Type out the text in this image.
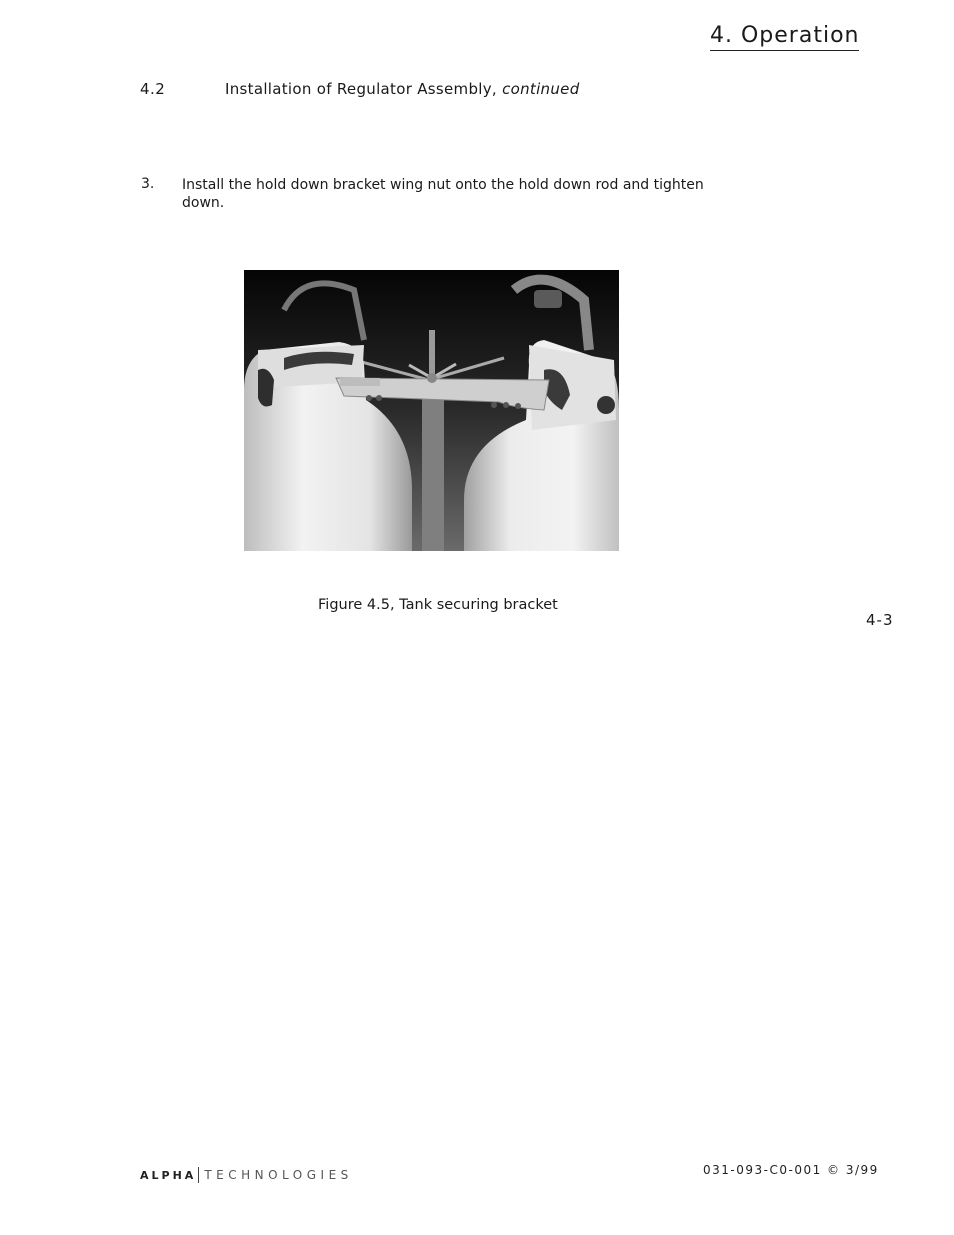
4. Operation
4.2	Installation of Regulator Assembly, continued
3. Install the hold down bracket wing nut onto the hold down rod and tighten down.
Figure 4.5, Tank securing bracket
4-3
ALPHA TECHNOLOGIES	031-093-C0-001 © 3/99
